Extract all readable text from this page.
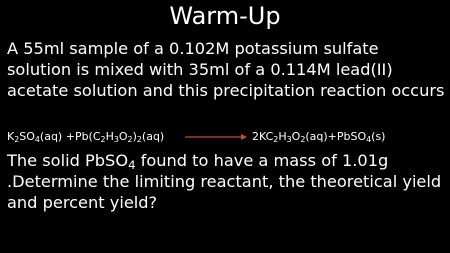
Warm-Up
A 55ml sample of a 0.102M potassium sulfate solution is mixed with 35ml of a 0.114M lead(II) acetate solution and this precipitation reaction occurs
$K_2SO_4(aq) +Pb(C_2H_3O_2)_2(aq)$	$2KC_2H_3O_2(aq)+PbSO_4(s)$
The solid PbSO$_4$ found to have a mass of 1.01g .Determine the limiting reactant, the theoretical yield and percent yield?
